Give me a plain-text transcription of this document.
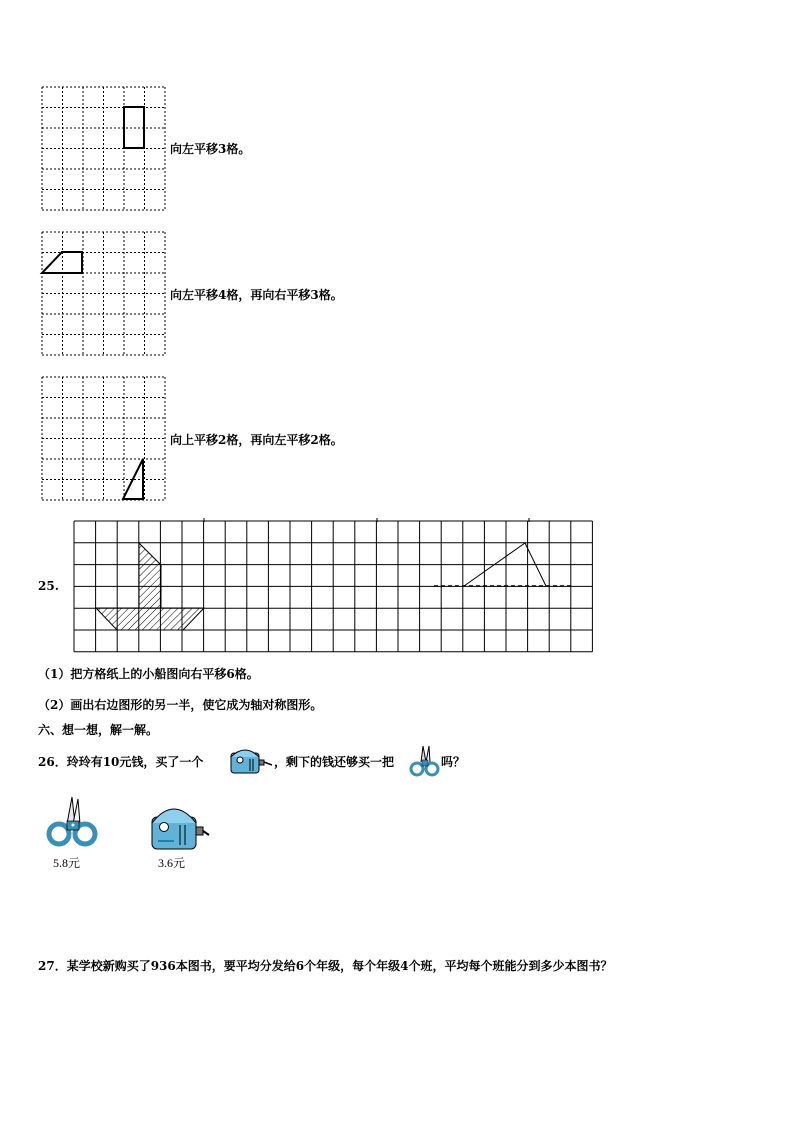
向左平移3格。
向左平移4格，再向右平移3格。
向上平移2格，再向左平移2格。
25.
（1）把方格纸上的小船图向右平移6格。
（2）画出右边图形的另一半，使它成为轴对称图形。
六、想一想，解一解。
26．玲玲有10元钱，买了一个	，剩下的钱还够买一把	吗？
5.8元	3.6元
27．某学校新购买了936本图书，要平均分发给6个年级，每个年级4个班，平均每个班能分到多少本图书？
